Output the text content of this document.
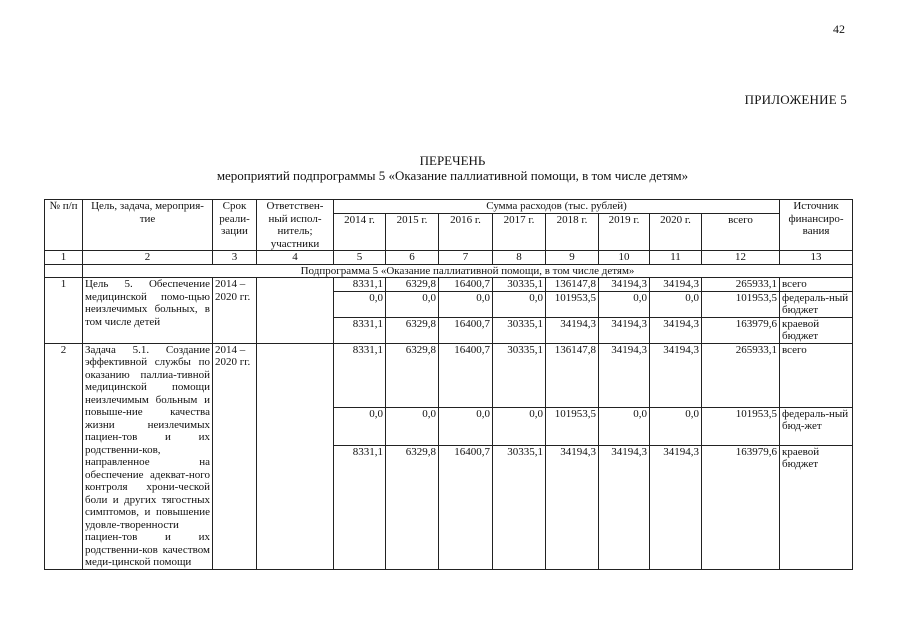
42
ПРИЛОЖЕНИЕ 5
ПЕРЕЧЕНЬ
мероприятий подпрограммы 5 «Оказание паллиативной помощи, в том числе детям»
№ п/п	Цель, задача, мероприя-тие	Срок реали-зации	Ответствен-ный испол-нитель; участники	Сумма расходов (тыс. рублей)								Источник финансиро-вания
				2014 г.	2015 г.	2016 г.	2017 г.	2018 г.	2019 г.	2020 г.	всего	
1	2	3	4	5	6	7	8	9	10	11	12	13
	Подпрограмма 5 «Оказание паллиативной помощи, в том числе детям»											
1	Цель 5. Обеспечение медицинской помо-щью неизлечимых больных, в том числе детей	2014 – 2020 гг.		8331,1	6329,8	16400,7	30335,1	136147,8	34194,3	34194,3	265933,1	всего
				0,0	0,0	0,0	0,0	101953,5	0,0	0,0	101953,5	федераль-ный бюджет
				8331,1	6329,8	16400,7	30335,1	34194,3	34194,3	34194,3	163979,6	краевой бюджет
2	Задача 5.1. Создание эффективной службы по оказанию паллиа-тивной медицинской помощи неизлечимым больным и повыше-ние качества жизни неизлечимых пациен-тов и их родственни-ков, направленное на обеспечение адекват-ного контроля хрони-ческой боли и других тягостных симптомов, и повышение удовле-творенности пациен-тов и их родственни-ков качеством меди-цинской помощи	2014 – 2020 гг.		8331,1	6329,8	16400,7	30335,1	136147,8	34194,3	34194,3	265933,1	всего
				0,0	0,0	0,0	0,0	101953,5	0,0	0,0	101953,5	федераль-ный бюд-жет
				8331,1	6329,8	16400,7	30335,1	34194,3	34194,3	34194,3	163979,6	краевой бюджет
